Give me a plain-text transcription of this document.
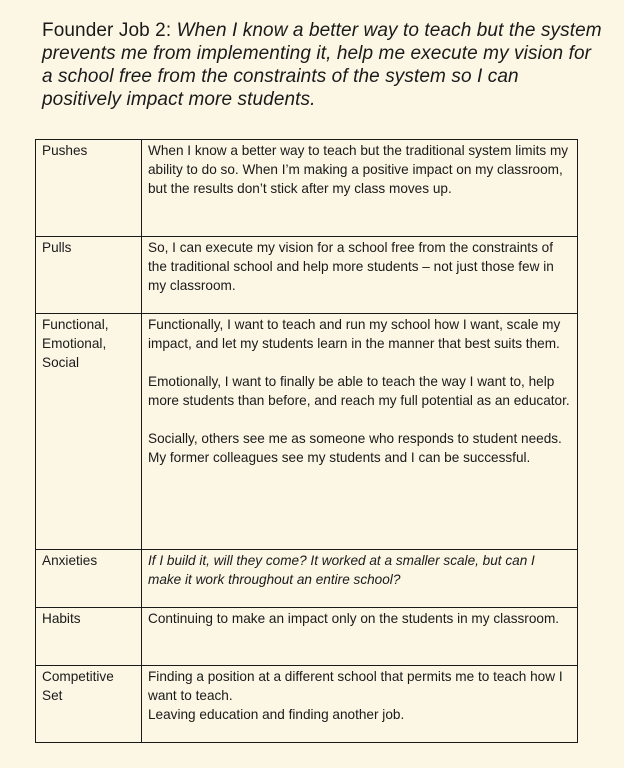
Founder Job 2: When I know a better way to teach but the system prevents me from implementing it, help me execute my vision for a school free from the constraints of the system so I can positively impact more students.
Pushes	When I know a better way to teach but the traditional system limits my ability to do so. When I’m making a positive impact on my classroom, but the results don’t stick after my class moves up.

Pulls	So, I can execute my vision for a school free from the constraints of the traditional school and help more students – not just those few in my classroom.

Functional, Emotional, Social	Functionally, I want to teach and run my school how I want, scale my impact, and let my students learn in the manner that best suits them.
Emotionally, I want to finally be able to teach the way I want to, help more students than before, and reach my full potential as an educator.
Socially, others see me as someone who responds to student needs. My former colleagues see my students and I can be successful.

Anxieties	If I build it, will they come? It worked at a smaller scale, but can I make it work throughout an entire school?

Habits	Continuing to make an impact only on the students in my classroom.

Competitive Set	Finding a position at a different school that permits me to teach how I want to teach.
Leaving education and finding another job.
